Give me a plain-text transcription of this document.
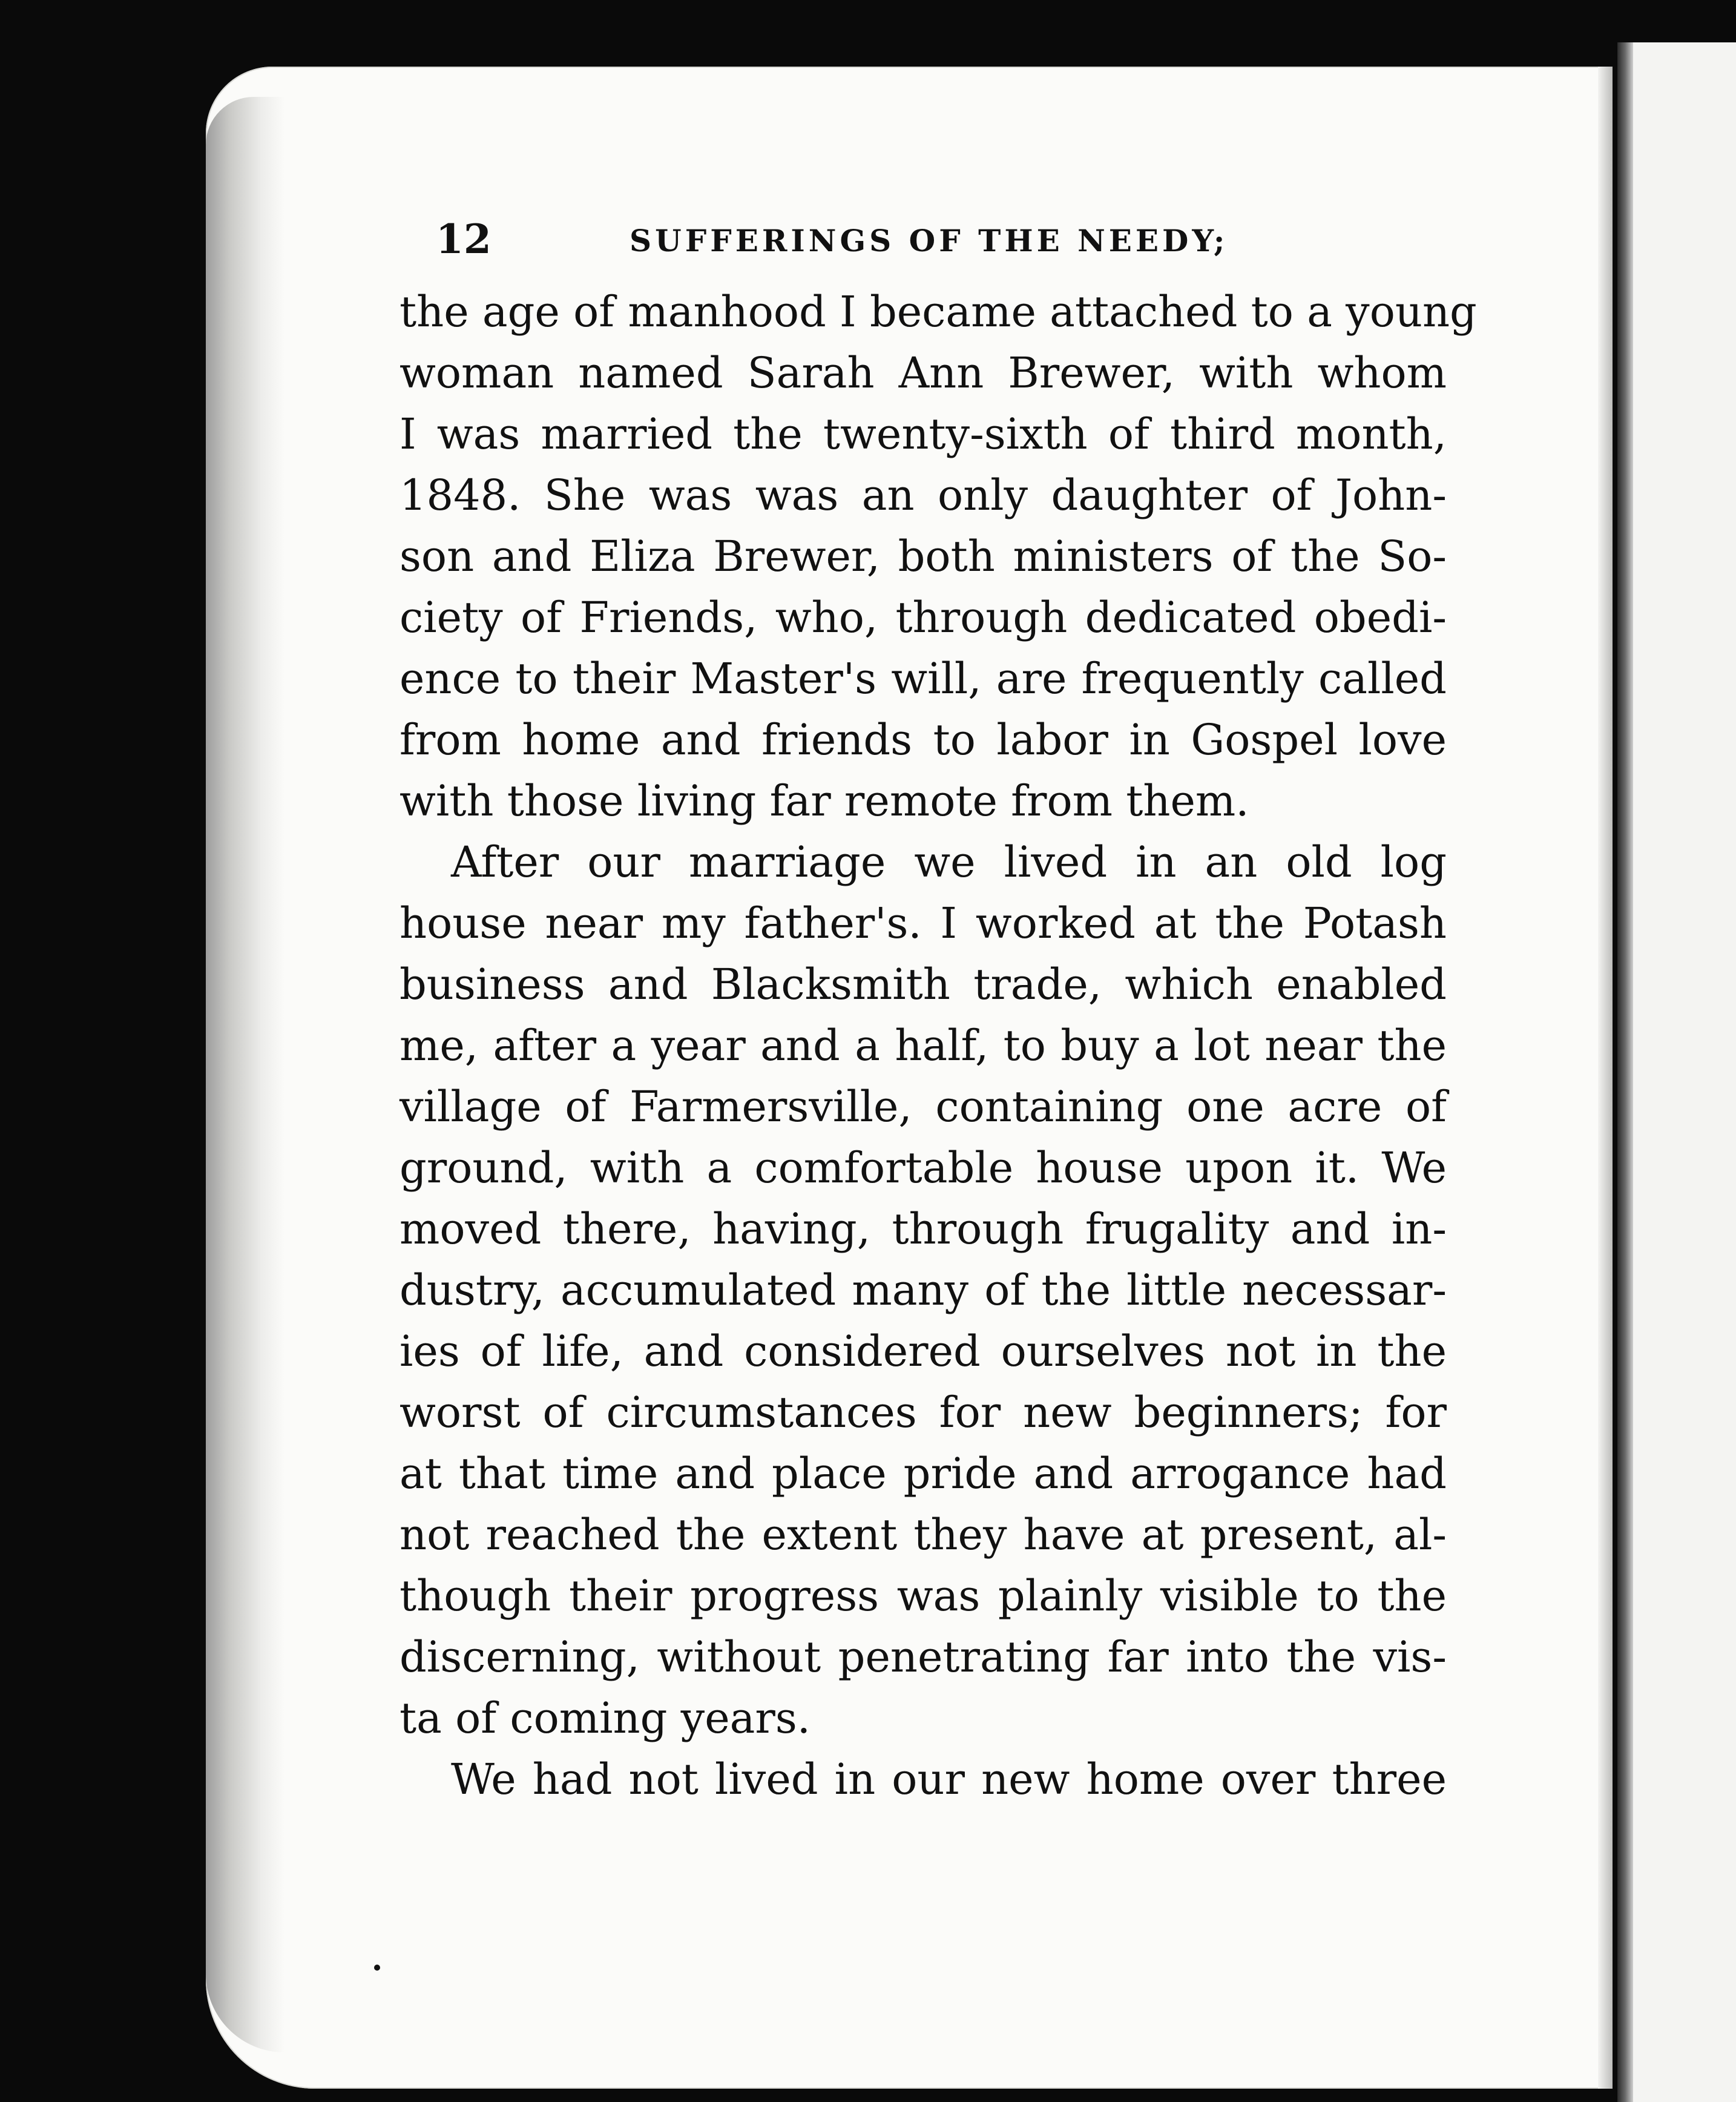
12	SUFFERINGS OF THE NEEDY;

the age of manhood I became attached to a young
woman named Sarah Ann Brewer, with whom
I was married the twenty-sixth of third month,
1848. She was was an only daughter of John-
son and Eliza Brewer, both ministers of the So-
ciety of Friends, who, through dedicated obedi-
ence to their Master's will, are frequently called
from home and friends to labor in Gospel love
with those living far remote from them.

After our marriage we lived in an old log
house near my father's. I worked at the Potash
business and Blacksmith trade, which enabled
me, after a year and a half, to buy a lot near the
village of Farmersville, containing one acre of
ground, with a comfortable house upon it. We
moved there, having, through frugality and in-
dustry, accumulated many of the little necessar-
ies of life, and considered ourselves not in the
worst of circumstances for new beginners; for
at that time and place pride and arrogance had
not reached the extent they have at present, al-
though their progress was plainly visible to the
discerning, without penetrating far into the vis-
ta of coming years.

We had not lived in our new home over three
